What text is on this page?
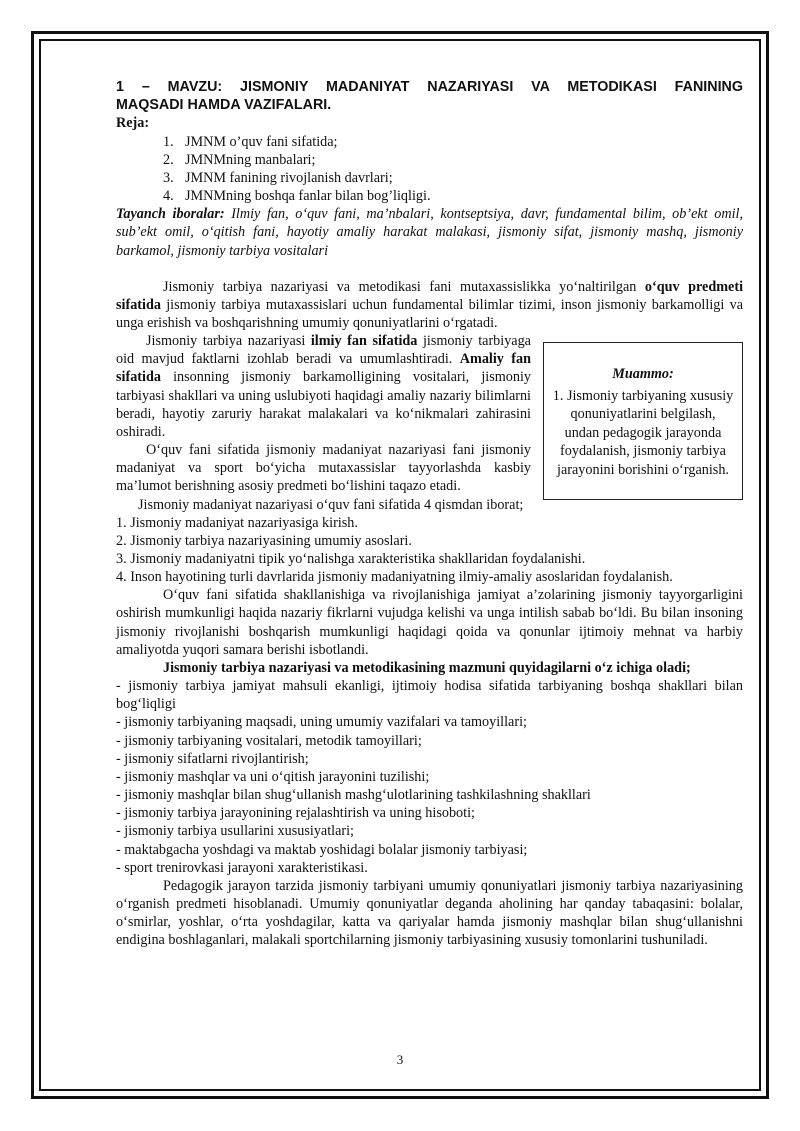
1 – MAVZU: JISMONIY MADANIYAT NAZARIYASI VA METODIKASI FANINING
MAQSADI HAMDA VAZIFALARI.
Reja:
1. JMNM o’quv fani sifatida;
2. JMNMning manbalari;
3. JMNM fanining rivojlanish davrlari;
4. JMNMning boshqa fanlar bilan bog’liqligi.

Tayanch iboralar: Ilmiy fan, o‘quv fani, ma’nbalari, kontseptsiya, davr, fundamental bilim, ob’ekt omil, sub’ekt omil, o‘qitish fani, hayotiy amaliy harakat malakasi, jismoniy sifat, jismoniy mashq, jismoniy barkamol, jismoniy tarbiya vositalari

Jismoniy tarbiya nazariyasi va metodikasi fani mutaxassislikka yo‘naltirilgan o‘quv predmeti sifatida jismoniy tarbiya mutaxassislari uchun fundamental bilimlar tizimi, inson jismoniy barkamolligi va unga erishish va boshqarishning umumiy qonuniyatlarini o‘rgatadi.

Jismoniy tarbiya nazariyasi ilmiy fan sifatida jismoniy tarbiyaga oid mavjud faktlarni izohlab beradi va umumlashtiradi. Amaliy fan sifatida insonning jismoniy barkamolligining vositalari, jismoniy tarbiyasi shakllari va uning uslubiyoti haqidagi amaliy nazariy bilimlarni beradi, hayotiy zaruriy harakat malakalari va ko‘nikmalari zahirasini oshiradi.

O‘quv fani sifatida jismoniy madaniyat nazariyasi fani jismoniy madaniyat va sport bo‘yicha mutaxassislar tayyorlashda kasbiy ma’lumot berishning asosiy predmeti bo‘lishini taqazo etadi.

Muammo:
1. Jismoniy tarbiyaning xususiy qonuniyatlarini belgilash, undan pedagogik jarayonda foydalanish, jismoniy tarbiya jarayonini borishini o‘rganish.

Jismoniy madaniyat nazariyasi o‘quv fani sifatida 4 qismdan iborat;

1. Jismoniy madaniyat nazariyasiga kirish.

2. Jismoniy tarbiya nazariyasining umumiy asoslari.

3. Jismoniy madaniyatni tipik yo‘nalishga xarakteristika shakllaridan foydalanishi.

4. Inson hayotining turli davrlarida jismoniy madaniyatning ilmiy-amaliy asoslaridan foydalanish.

O‘quv fani sifatida shakllanishiga va rivojlanishiga jamiyat a’zolarining jismoniy tayyorgarligini oshirish mumkunligi haqida nazariy fikrlarni vujudga kelishi va unga intilish sabab bo‘ldi. Bu bilan insoning jismoniy rivojlanishi boshqarish mumkunligi haqidagi qoida va qonunlar ijtimoiy mehnat va harbiy amaliyotda yuqori samara berishi isbotlandi.

Jismoniy tarbiya nazariyasi va metodikasining mazmuni quyidagilarni o‘z ichiga oladi;

- jismoniy tarbiya jamiyat mahsuli ekanligi, ijtimoiy hodisa sifatida tarbiyaning boshqa shakllari bilan bog‘liqligi

- jismoniy tarbiyaning maqsadi, uning umumiy vazifalari va tamoyillari;

- jismoniy tarbiyaning vositalari, metodik tamoyillari;

- jismoniy sifatlarni rivojlantirish;

- jismoniy mashqlar va uni o‘qitish jarayonini tuzilishi;

- jismoniy mashqlar bilan shug‘ullanish mashg‘ulotlarining tashkilashning shakllari

- jismoniy tarbiya jarayonining rejalashtirish va uning hisoboti;

- jismoniy tarbiya usullarini xususiyatlari;

- maktabgacha yoshdagi va maktab yoshidagi bolalar jismoniy tarbiyasi;

- sport trenirovkasi jarayoni xarakteristikasi.

Pedagogik jarayon tarzida jismoniy tarbiyani umumiy qonuniyatlari jismoniy tarbiya nazariyasining o‘rganish predmeti hisoblanadi. Umumiy qonuniyatlar deganda aholining har qanday tabaqasini: bolalar, o‘smirlar, yoshlar, o‘rta yoshdagilar, katta va qariyalar hamda jismoniy mashqlar bilan shug‘ullanishni endigina boshlaganlari, malakali sportchilarning jismoniy tarbiyasining xususiy tomonlarini tushuniladi.

3
